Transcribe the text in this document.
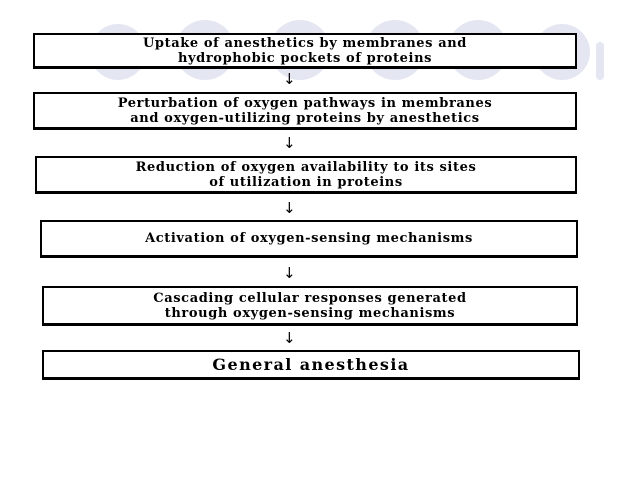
Uptake of anesthetics by membranes and
hydrophobic pockets of proteins
↓
Perturbation of oxygen pathways in membranes
and oxygen-utilizing proteins by anesthetics
↓
Reduction of oxygen availability to its sites
of utilization in proteins
↓
Activation of oxygen-sensing mechanisms
↓
Cascading cellular responses generated
through oxygen-sensing mechanisms
↓
General anesthesia
